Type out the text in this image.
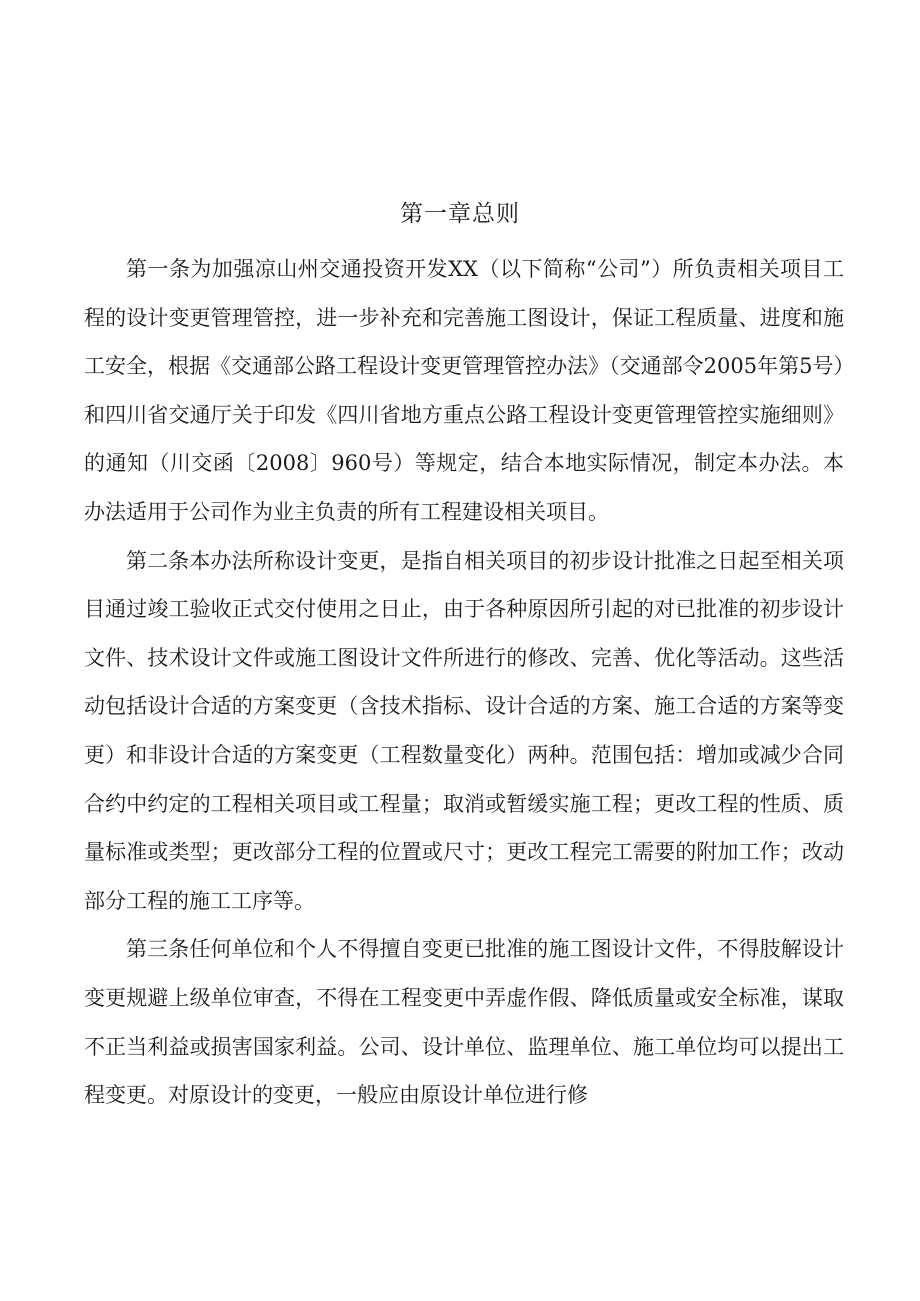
第一章总则

第一条为加强凉山州交通投资开发XX（以下简称“公司”）所负责相关项目工程的设计变更管理管控，进一步补充和完善施工图设计，保证工程质量、进度和施工安全，根据《交通部公路工程设计变更管理管控办法》（交通部令2005年第5号）和四川省交通厅关于印发《四川省地方重点公路工程设计变更管理管控实施细则》的通知（川交函〔2008〕960号）等规定，结合本地实际情况，制定本办法。本办法适用于公司作为业主负责的所有工程建设相关项目。

第二条本办法所称设计变更，是指自相关项目的初步设计批准之日起至相关项目通过竣工验收正式交付使用之日止，由于各种原因所引起的对已批准的初步设计文件、技术设计文件或施工图设计文件所进行的修改、完善、优化等活动。这些活动包括设计合适的方案变更（含技术指标、设计合适的方案、施工合适的方案等变更）和非设计合适的方案变更（工程数量变化）两种。范围包括：增加或减少合同合约中约定的工程相关项目或工程量；取消或暂缓实施工程；更改工程的性质、质量标准或类型；更改部分工程的位置或尺寸；更改工程完工需要的附加工作；改动部分工程的施工工序等。

第三条任何单位和个人不得擅自变更已批准的施工图设计文件，不得肢解设计变更规避上级单位审查，不得在工程变更中弄虚作假、降低质量或安全标准，谋取不正当利益或损害国家利益。公司、设计单位、监理单位、施工单位均可以提出工程变更。对原设计的变更，一般应由原设计单位进行修
